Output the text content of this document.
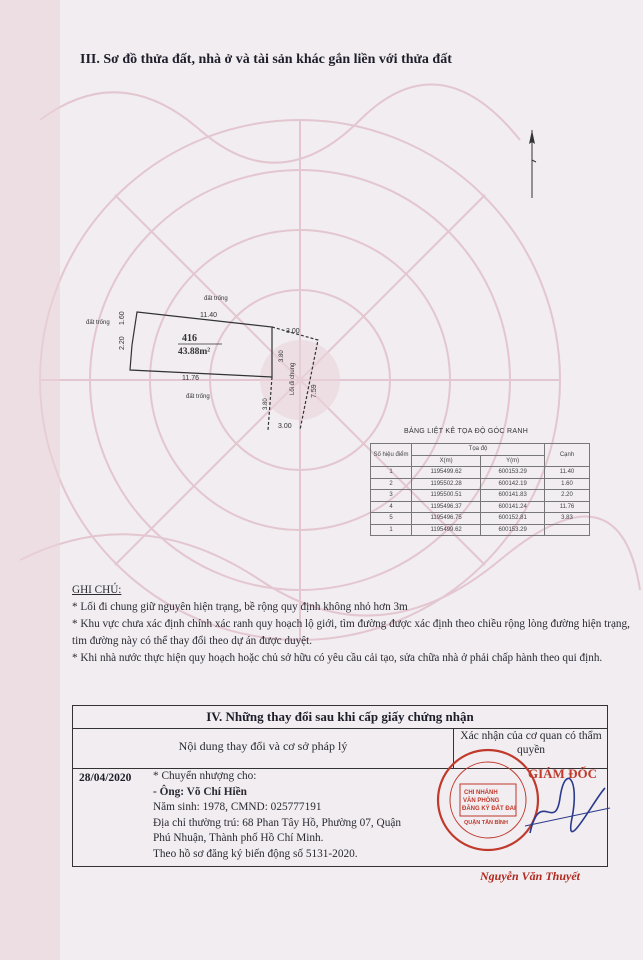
III. Sơ đồ thửa đất, nhà ở và tài sản khác gắn liền với thửa đất
đất trống
đất trống
đất trống
11.40
1.60
2.20
11.76
3.00
3.80
Lối đi chung 7.59
3.80
3.00
416
43.88m²
BẢNG LIỆT KÊ TỌA ĐỘ GÓC RANH
Số hiệu điểm	Tọa độ		Cạnh
	X(m)	Y(m)	
1	1195499.62	600153.29	11.40
2	1195502.28	600142.19	1.60
3	1195500.51	600141.83	2.20
4	1195496.37	600141.24	11.76
5	1195496.75	600152.81	3.83
1	1195499.62	600153.29	

GHI CHÚ:

* Lối đi chung giữ nguyên hiện trạng, bề rộng quy định không nhỏ hơn 3m

* Khu vực chưa xác định chính xác ranh quy hoạch lộ giới, tìm đường được xác định theo chiều rộng lòng đường hiện trạng, tim đường này có thể thay đổi theo dự án được duyệt.

* Khi nhà nước thực hiện quy hoạch hoặc chủ sở hữu có yêu cầu cải tạo, sửa chữa nhà ở phải chấp hành theo qui định.

IV. Những thay đổi sau khi cấp giấy chứng nhận
Nội dung thay đổi và cơ sở pháp lý
Xác nhận của cơ quan có thẩm quyền
28/04/2020 * Chuyển nhượng cho:
- Ông: Võ Chí Hiền
Năm sinh: 1978, CMND: 025777191
Địa chỉ thường trú: 68 Phan Tây Hồ, Phường 07, Quận
Phú Nhuận, Thành phố Hồ Chí Minh.
Theo hồ sơ đăng ký biến động số 5131-2020.
CHI NHÁNH
VĂN PHÒNG
ĐĂNG KÝ ĐẤT ĐAI
QUẬN TÂN BÌNH
GIÁM ĐỐC
Nguyễn Văn Thuyết
